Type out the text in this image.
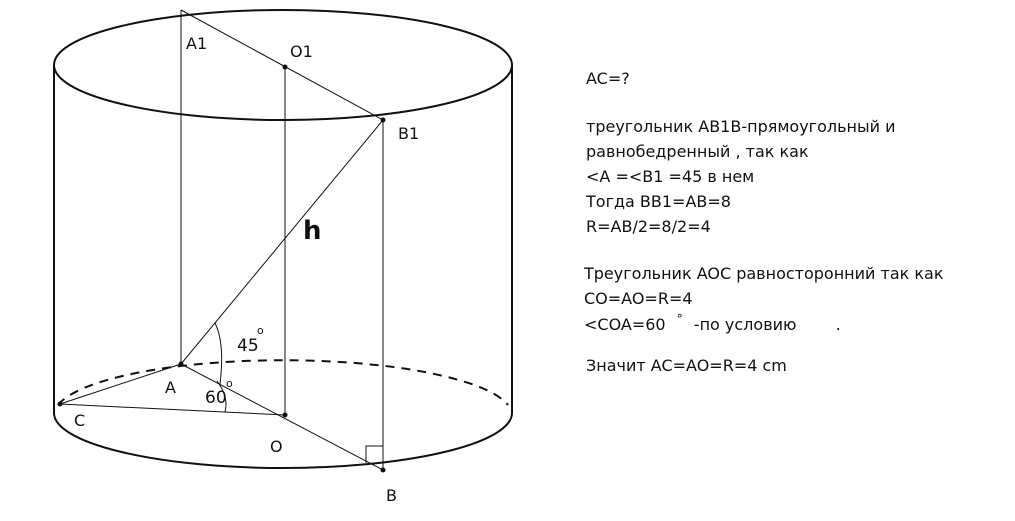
A1	O1
B1
h
45
o
A
60
o
C
O
B
AC=?
треугольник AB1B-прямоугольный и
равнобедренный , так как
<A =<B1 =45 в нем
Тогда BB1=AB=8
R=AB/2=8/2=4
Треугольник AOC равносторонний так как
CO=AO=R=4
<COA=60 ° -по условию .
Значит AC=AO=R=4 cm
